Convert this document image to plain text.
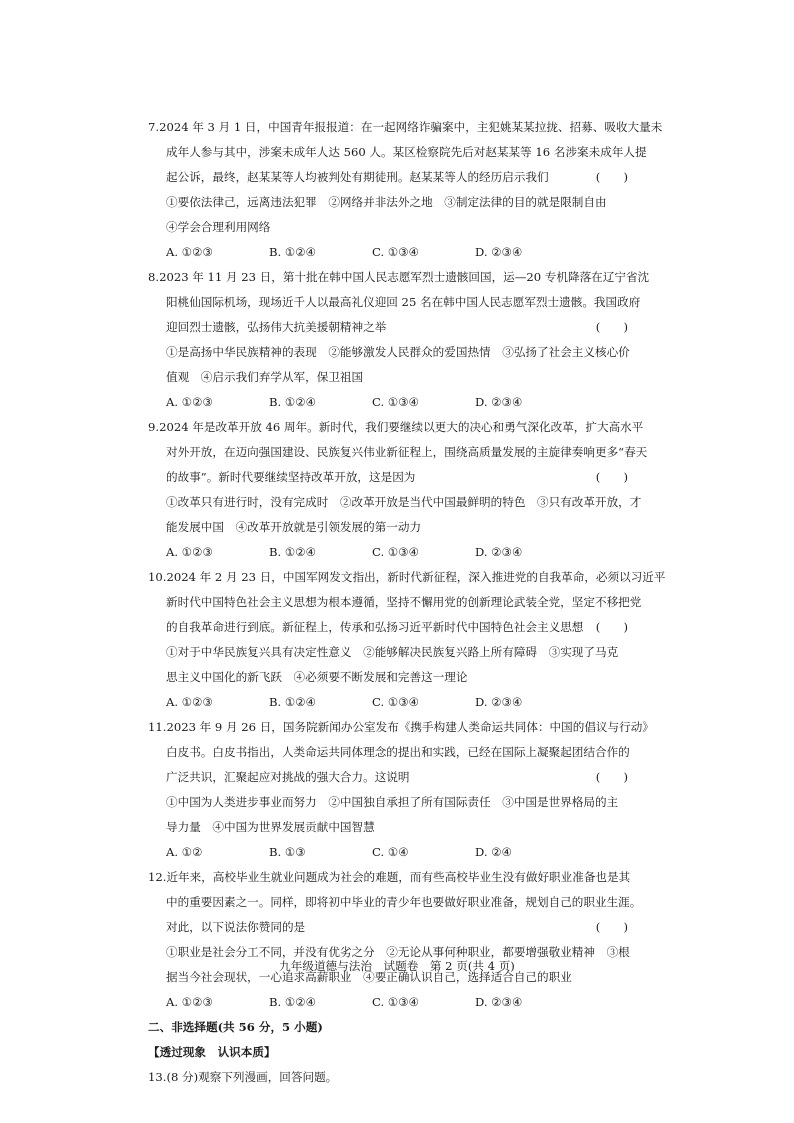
7.2024 年 3 月 1 日，中国青年报报道：在一起网络诈骗案中，主犯姚某某拉拢、招募、吸收大量未
成年人参与其中，涉案未成年人达 560 人。某区检察院先后对赵某某等 16 名涉案未成年人提
起公诉，最终，赵某某等人均被判处有期徒刑。赵某某等人的经历启示我们	(　　)
①要依法律己，远离违法犯罪　②网络并非法外之地　③制定法律的目的就是限制自由
④学会合理利用网络
A. ①②③	B. ①②④	C. ①③④	D. ②③④
8.2023 年 11 月 23 日，第十批在韩中国人民志愿军烈士遗骸回国，运—20 专机降落在辽宁省沈
阳桃仙国际机场，现场近千人以最高礼仪迎回 25 名在韩中国人民志愿军烈士遗骸。我国政府
迎回烈士遗骸，弘扬伟大抗美援朝精神之举	(　　)
①是高扬中华民族精神的表现　②能够激发人民群众的爱国热情　③弘扬了社会主义核心价
值观　④启示我们弃学从军，保卫祖国
A. ①②③	B. ①②④	C. ①③④	D. ②③④
9.2024 年是改革开放 46 周年。新时代，我们要继续以更大的决心和勇气深化改革，扩大高水平
对外开放，在迈向强国建设、民族复兴伟业新征程上，围绕高质量发展的主旋律奏响更多“春天
的故事”。新时代要继续坚持改革开放，这是因为	(　　)
①改革只有进行时，没有完成时　②改革开放是当代中国最鲜明的特色　③只有改革开放，才
能发展中国　④改革开放就是引领发展的第一动力
A. ①②③	B. ①②④	C. ①③④	D. ②③④
10.2024 年 2 月 23 日，中国军网发文指出，新时代新征程，深入推进党的自我革命，必须以习近平
新时代中国特色社会主义思想为根本遵循，坚持不懈用党的创新理论武装全党，坚定不移把党
的自我革命进行到底。新征程上，传承和弘扬习近平新时代中国特色社会主义思想	(　　)
①对于中华民族复兴具有决定性意义　②能够解决民族复兴路上所有障碍　③实现了马克
思主义中国化的新飞跃　④必须要不断发展和完善这一理论
A. ①②③	B. ①②④	C. ①③④	D. ②③④
11.2023 年 9 月 26 日，国务院新闻办公室发布《携手构建人类命运共同体：中国的倡议与行动》
白皮书。白皮书指出，人类命运共同体理念的提出和实践，已经在国际上凝聚起团结合作的
广泛共识，汇聚起应对挑战的强大合力。这说明	(　　)
①中国为人类进步事业而努力　②中国独自承担了所有国际责任　③中国是世界格局的主
导力量　④中国为世界发展贡献中国智慧
A. ①②	B. ①③	C. ①④	D. ②④
12.近年来，高校毕业生就业问题成为社会的难题，而有些高校毕业生没有做好职业准备也是其
中的重要因素之一。同样，即将初中毕业的青少年也要做好职业准备，规划自己的职业生涯。
对此，以下说法你赞同的是	(　　)
①职业是社会分工不同，并没有优劣之分　②无论从事何种职业，都要增强敬业精神　③根
据当今社会现状，一心追求高薪职业　④要正确认识自己，选择适合自己的职业
A. ①②③	B. ①②④	C. ①③④	D. ②③④
二、非选择题(共 56 分，5 小题)
【透过现象　认识本质】
13.(8 分)观察下列漫画，回答问题。
九年级道德与法治　试题卷　第 2 页(共 4 页)
